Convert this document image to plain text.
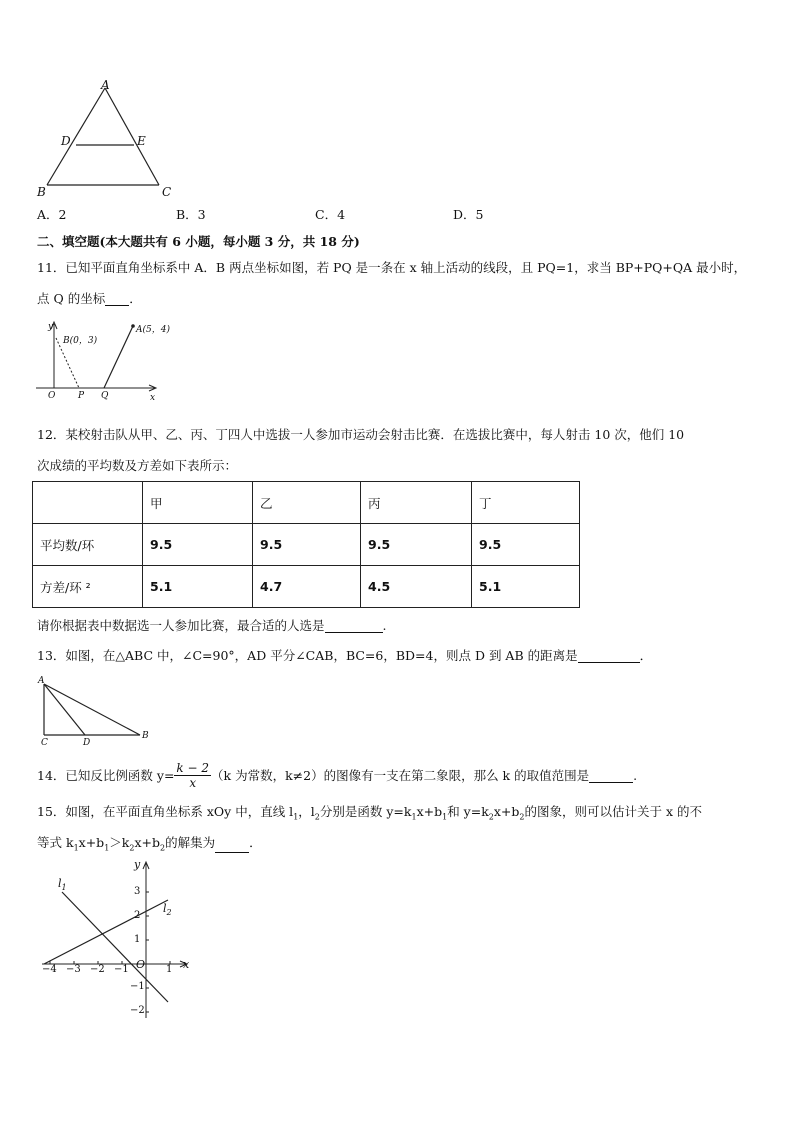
A
D	E
B	C
A．2	B．3	C．4	D．5
二、填空题(本大题共有 6 小题，每小题 3 分，共 18 分)
11．已知平面直角坐标系中 A．B 两点坐标如图，若 PQ 是一条在 x 轴上活动的线段，且 PQ=1，求当 BP+PQ+QA 最小时，
点 Q 的坐标 ．
y
B(0，3)
A(5，4)
O	P Q	x
12．某校射击队从甲、乙、丙、丁四人中选拔一人参加市运动会射击比赛．在选拔比赛中，每人射击 10 次，他们 10
次成绩的平均数及方差如下表所示：
	甲	乙	丙	丁
平均数/环	9.5	9.5	9.5	9.5
方差/环 ²	5.1	4.7	4.5	5.1
请你根据表中数据选一人参加比赛，最合适的人选是	.
13．如图，在△ABC 中，∠C=90°，AD 平分∠CAB，BC=6，BD=4，则点 D 到 AB 的距离是	．
A
C	D
B
14．已知反比例函数 $y= \frac{k - 2}{x} (k$ 为常数，k≠2）的图像有一支在第二象限，那么 k 的取值范围是	.
15．如图，在平面直角坐标系 xOy 中，直线 $l_1$，$l_2$分别是函数 $y=k_1x+b_1$和 $y=k_2x+b_2$的图象，则可以估计关于 x 的不
等式 $k_1x+b_1>k_2x+b_2$的解集为	．
y
x
O
$l_1$
$l_2$
−4 −3 −2 −1	1
3
2
1
−1
−2
